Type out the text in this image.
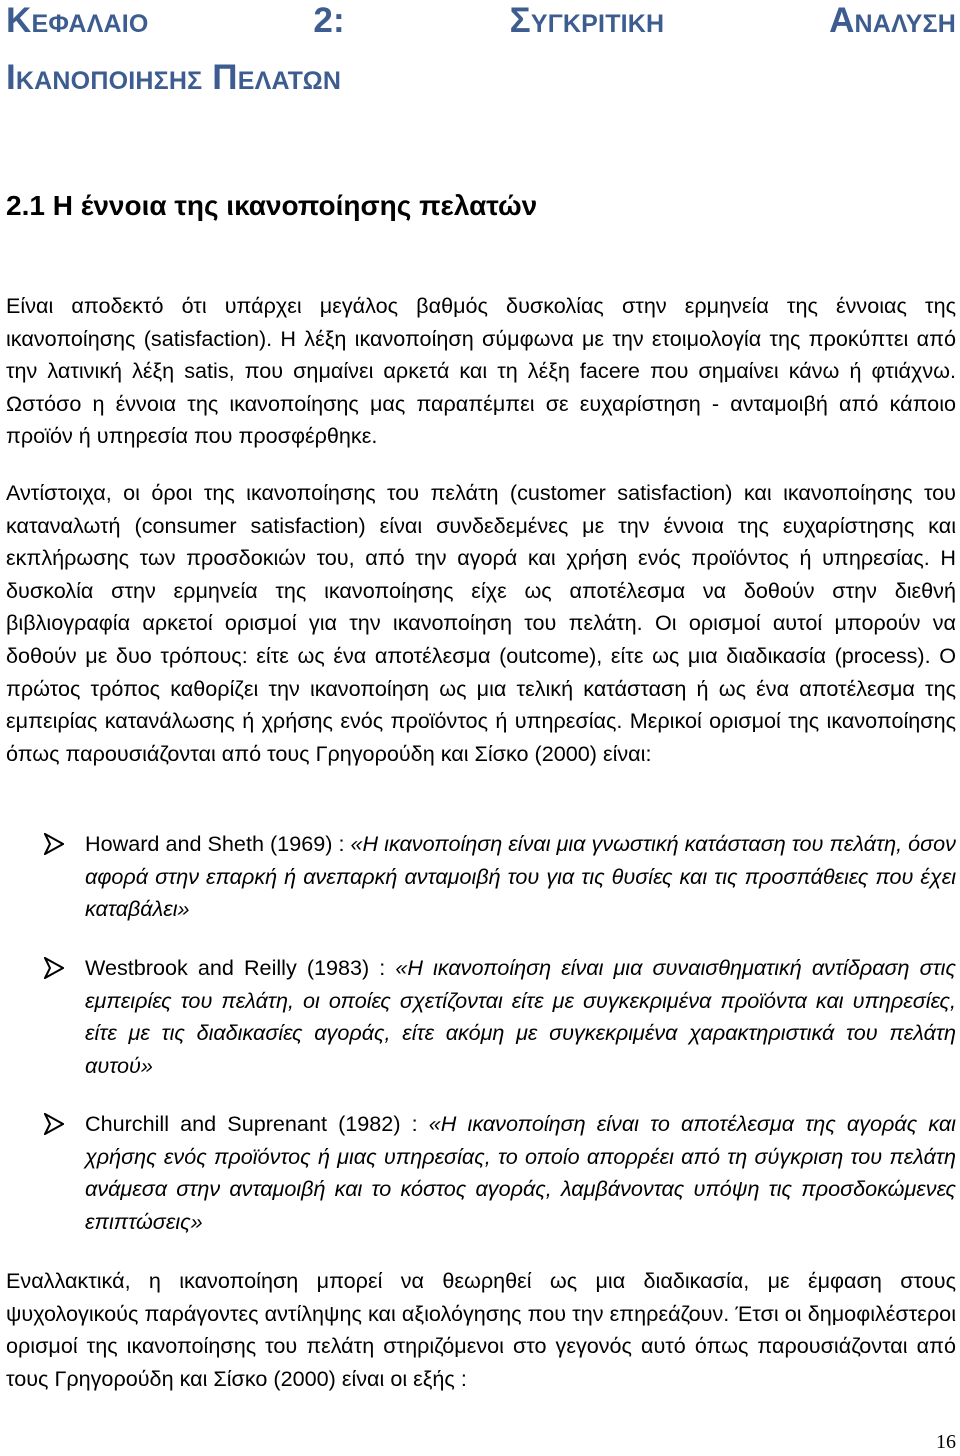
Κεφαλαιο	2:	Συγκριτικη	Αναλυση
Ικανοποιησης Πελατων
2.1 Η έννοια της ικανοποίησης πελατών

Είναι αποδεκτό ότι υπάρχει μεγάλος βαθμός δυσκολίας στην ερμηνεία της έννοιας της ικανοποίησης (satisfaction). Η λέξη ικανοποίηση σύμφωνα με την ετοιμολογία της προκύπτει από την λατινική λέξη satis, που σημαίνει αρκετά και τη λέξη facere που σημαίνει κάνω ή φτιάχνω. Ωστόσο η έννοια της ικανοποίησης μας παραπέμπει σε ευχαρίστηση - ανταμοιβή από κάποιο προϊόν ή υπηρεσία που προσφέρθηκε.

Αντίστοιχα, οι όροι της ικανοποίησης του πελάτη (customer satisfaction) και ικανοποίησης του καταναλωτή (consumer satisfaction) είναι συνδεδεμένες με την έννοια της ευχαρίστησης και εκπλήρωσης των προσδοκιών του, από την αγορά και χρήση ενός προϊόντος ή υπηρεσίας. Η δυσκολία στην ερμηνεία της ικανοποίησης είχε ως αποτέλεσμα να δοθούν στην διεθνή βιβλιογραφία αρκετοί ορισμοί για την ικανοποίηση του πελάτη. Οι ορισμοί αυτοί μπορούν να δοθούν με δυο τρόπους: είτε ως ένα αποτέλεσμα (outcome), είτε ως μια διαδικασία (process). Ο πρώτος τρόπος καθορίζει την ικανοποίηση ως μια τελική κατάσταση ή ως ένα αποτέλεσμα της εμπειρίας κατανάλωσης ή χρήσης ενός προϊόντος ή υπηρεσίας. Μερικοί ορισμοί της ικανοποίησης όπως παρουσιάζονται από τους Γρηγορούδη και Σίσκο (2000) είναι:

Howard and Sheth (1969) : «Η ικανοποίηση είναι μια γνωστική κατάσταση του πελάτη, όσον αφορά στην επαρκή ή ανεπαρκή ανταμοιβή του για τις θυσίες και τις προσπάθειες που έχει καταβάλει»

Westbrook and Reilly (1983) : «Η ικανοποίηση είναι μια συναισθηματική αντίδραση στις εμπειρίες του πελάτη, οι οποίες σχετίζονται είτε με συγκεκριμένα προϊόντα και υπηρεσίες, είτε με τις διαδικασίες αγοράς, είτε ακόμη με συγκεκριμένα χαρακτηριστικά του πελάτη αυτού»

Churchill and Suprenant (1982) : «Η ικανοποίηση είναι το αποτέλεσμα της αγοράς και χρήσης ενός προϊόντος ή μιας υπηρεσίας, το οποίο απορρέει από τη σύγκριση του πελάτη ανάμεσα στην ανταμοιβή και το κόστος αγοράς, λαμβάνοντας υπόψη τις προσδοκώμενες επιπτώσεις»

Εναλλακτικά, η ικανοποίηση μπορεί να θεωρηθεί ως μια διαδικασία, με έμφαση στους ψυχολογικούς παράγοντες αντίληψης και αξιολόγησης που την επηρεάζουν. Έτσι οι δημοφιλέστεροι ορισμοί της ικανοποίησης του πελάτη στηριζόμενοι στο γεγονός αυτό όπως παρουσιάζονται από τους Γρηγορούδη και Σίσκο (2000) είναι οι εξής :

16
